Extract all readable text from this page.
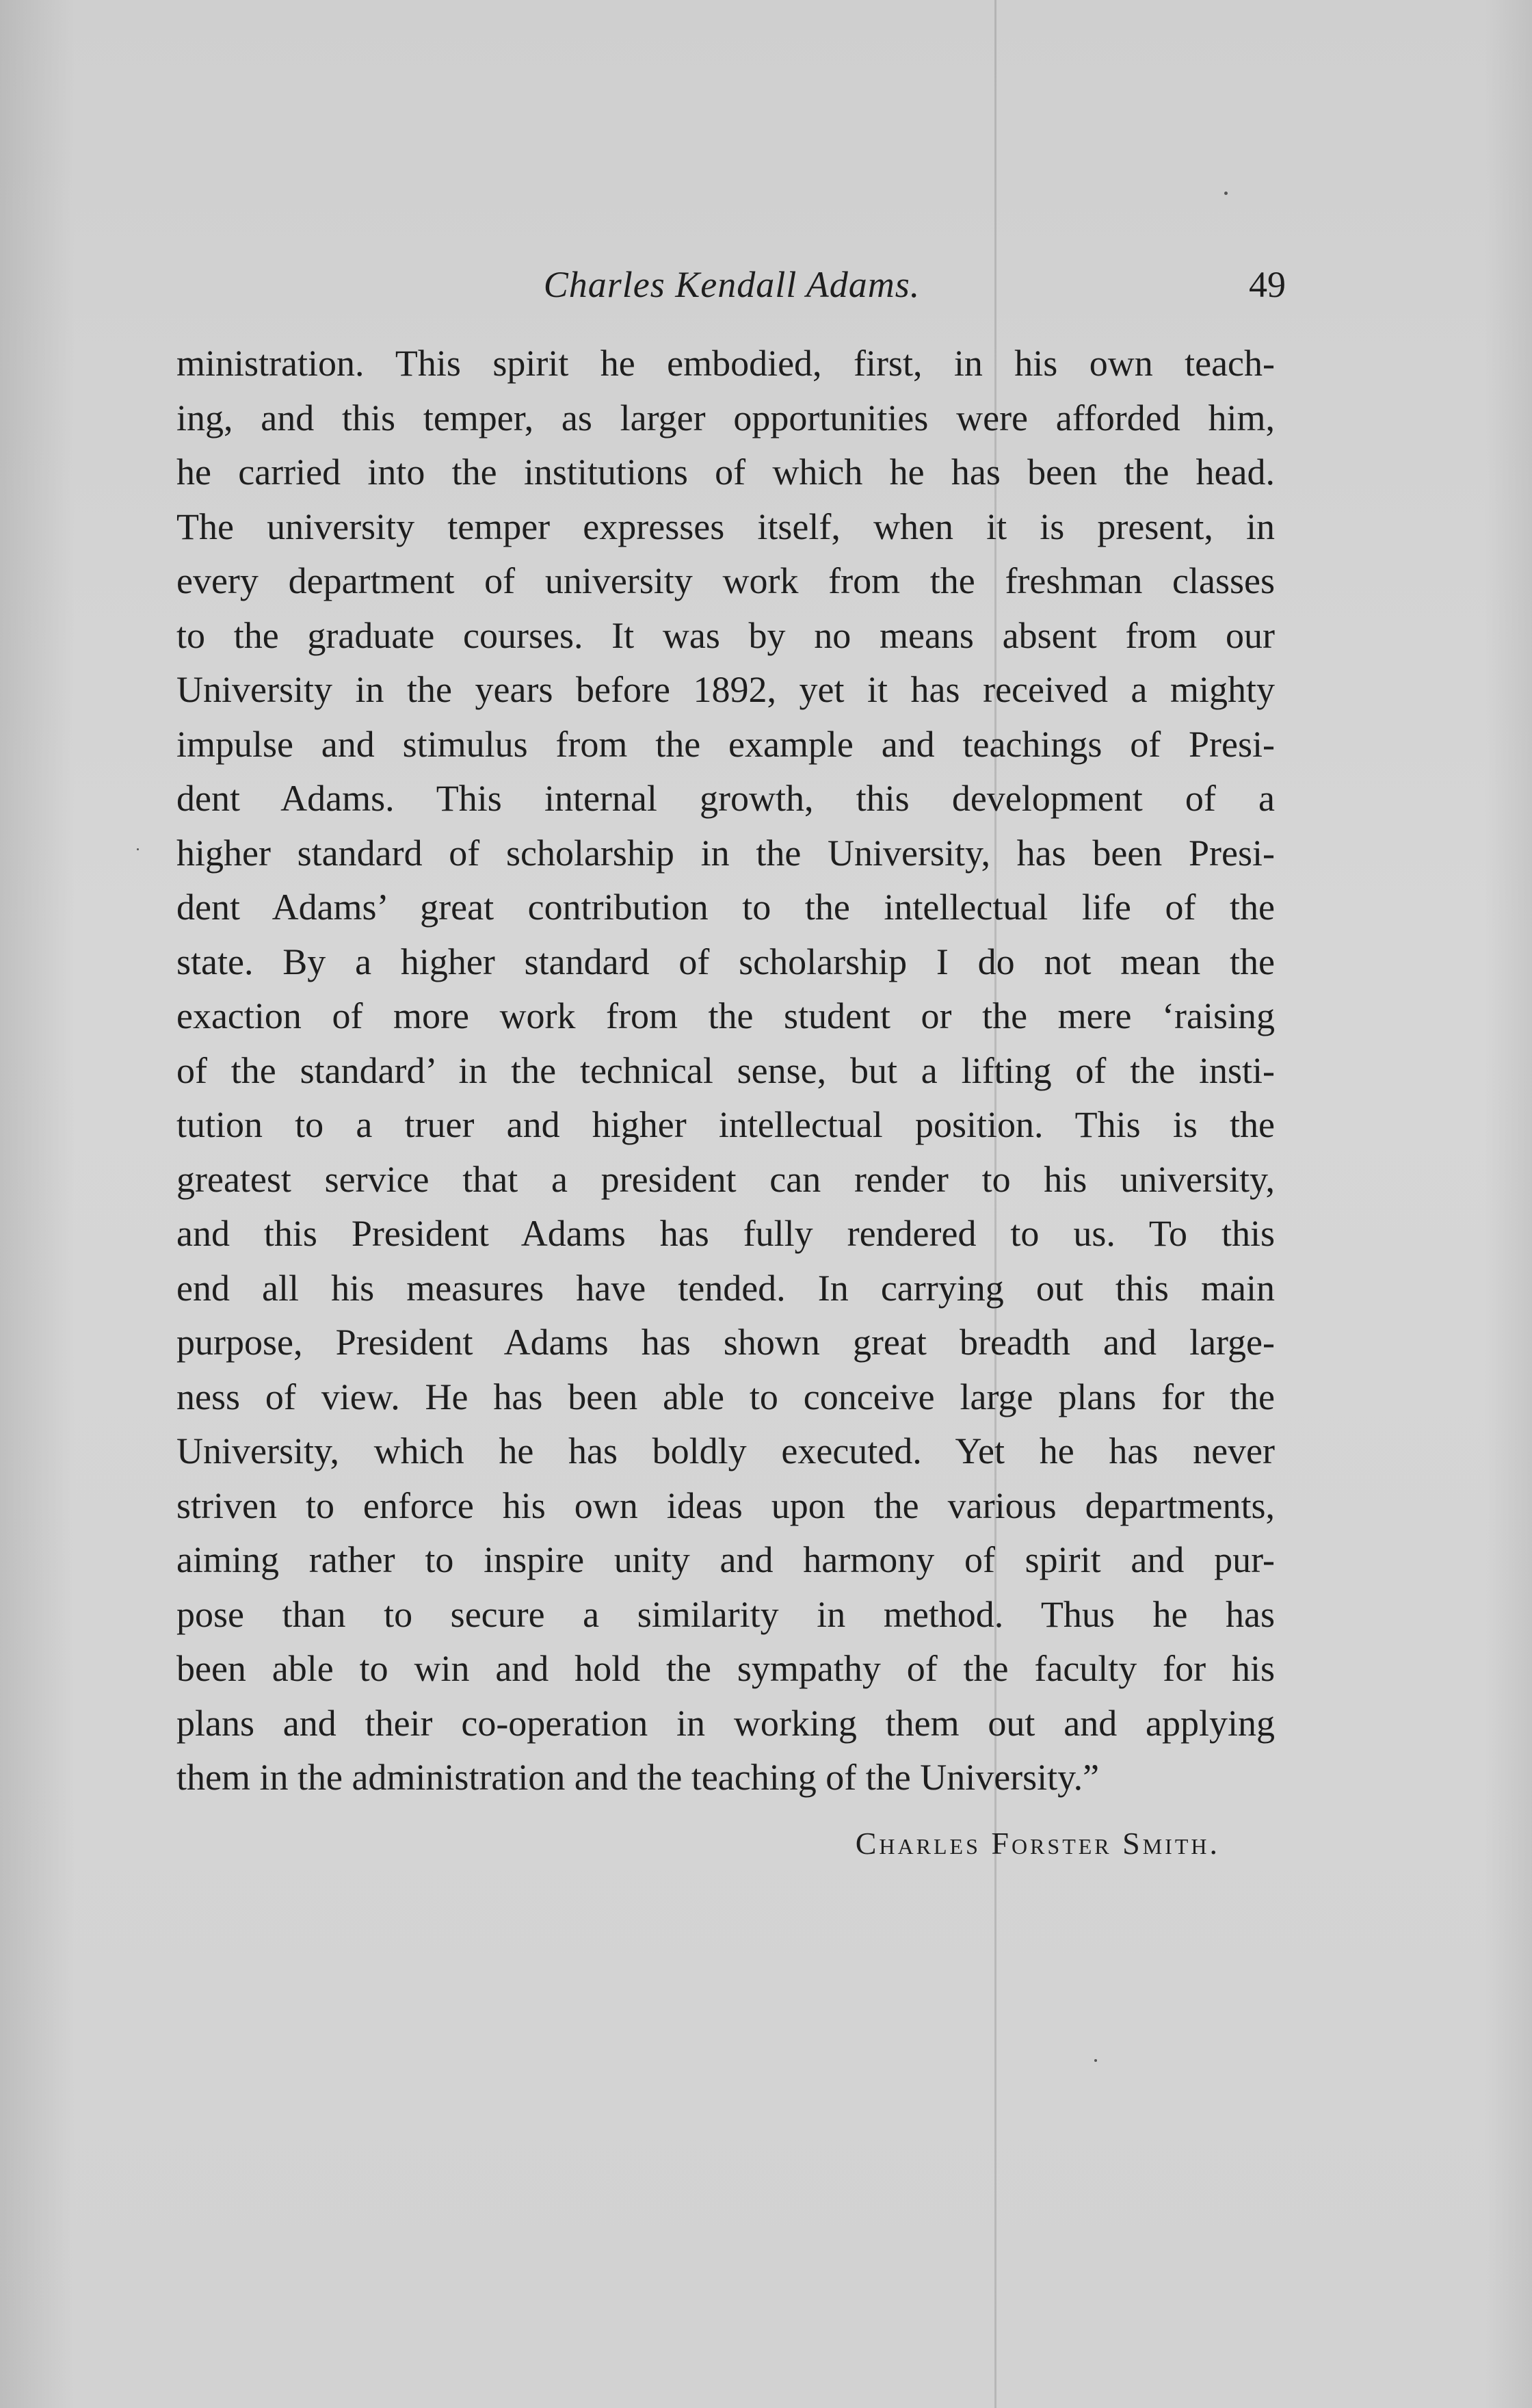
Charles Kendall Adams.	49
ministration. This spirit he embodied, first, in his own teach-
ing, and this temper, as larger opportunities were afforded him,
he carried into the institutions of which he has been the head.
The university temper expresses itself, when it is present, in
every department of university work from the freshman classes
to the graduate courses. It was by no means absent from our
University in the years before 1892, yet it has received a mighty
impulse and stimulus from the example and teachings of Presi-
dent Adams. This internal growth, this development of a
higher standard of scholarship in the University, has been Presi-
dent Adams’ great contribution to the intellectual life of the
state. By a higher standard of scholarship I do not mean the
exaction of more work from the student or the mere ‘raising
of the standard’ in the technical sense, but a lifting of the insti-
tution to a truer and higher intellectual position. This is the
greatest service that a president can render to his university,
and this President Adams has fully rendered to us. To this
end all his measures have tended. In carrying out this main
purpose, President Adams has shown great breadth and large-
ness of view. He has been able to conceive large plans for the
University, which he has boldly executed. Yet he has never
striven to enforce his own ideas upon the various departments,
aiming rather to inspire unity and harmony of spirit and pur-
pose than to secure a similarity in method. Thus he has
been able to win and hold the sympathy of the faculty for his
plans and their co-operation in working them out and applying
them in the administration and the teaching of the University.”
Charles Forster Smith.
